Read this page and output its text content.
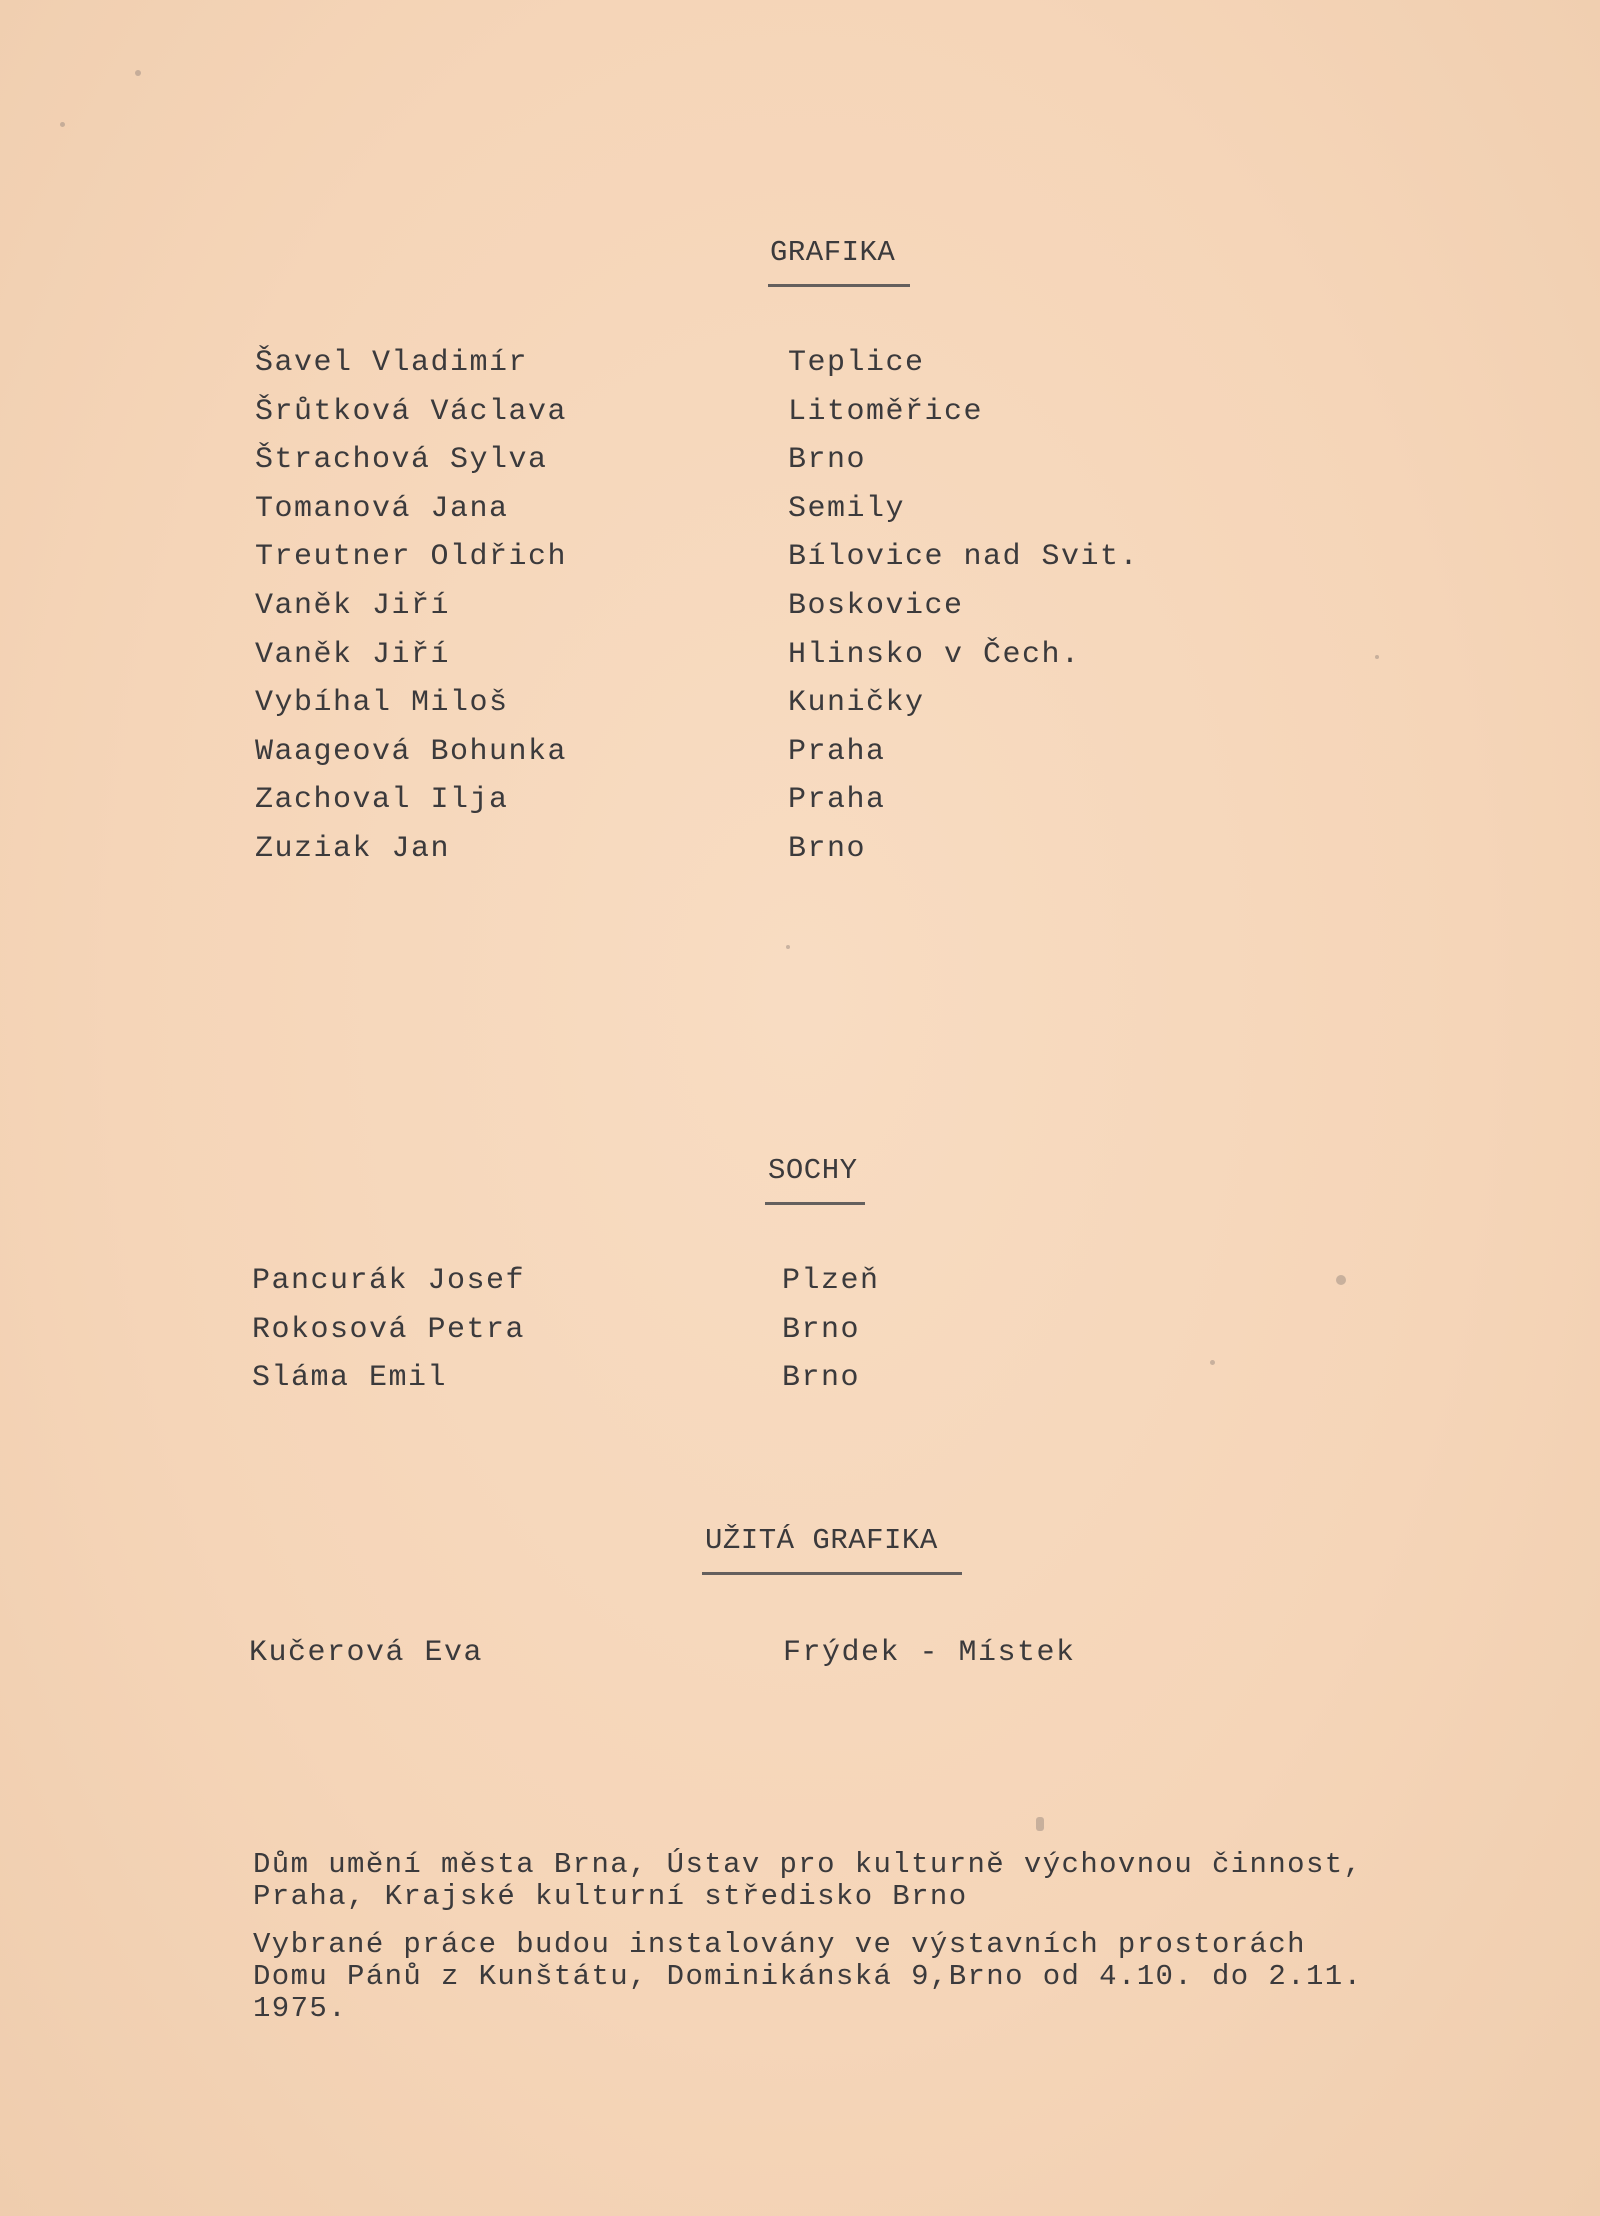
GRAFIKA
Šavel Vladimír	Teplice
Šrůtková Václava	Litoměřice
Štrachová Sylva	Brno
Tomanová Jana	Semily
Treutner Oldřich	Bílovice nad Svit.
Vaněk Jiří	Boskovice
Vaněk Jiří	Hlinsko v Čech.
Vybíhal Miloš	Kuničky
Waageová Bohunka	Praha
Zachoval Ilja	Praha
Zuziak Jan	Brno
SOCHY
Pancurák Josef	Plzeň
Rokosová Petra	Brno
Sláma Emil	Brno
UŽITÁ GRAFIKA
Kučerová Eva	Frýdek - Místek
Dům umění města Brna, Ústav pro kulturně výchovnou činnost,
Praha, Krajské kulturní středisko Brno
Vybrané práce budou instalovány ve výstavních prostorách
Domu Pánů z Kunštátu, Dominikánská 9,Brno od 4.10. do 2.11.
1975.
